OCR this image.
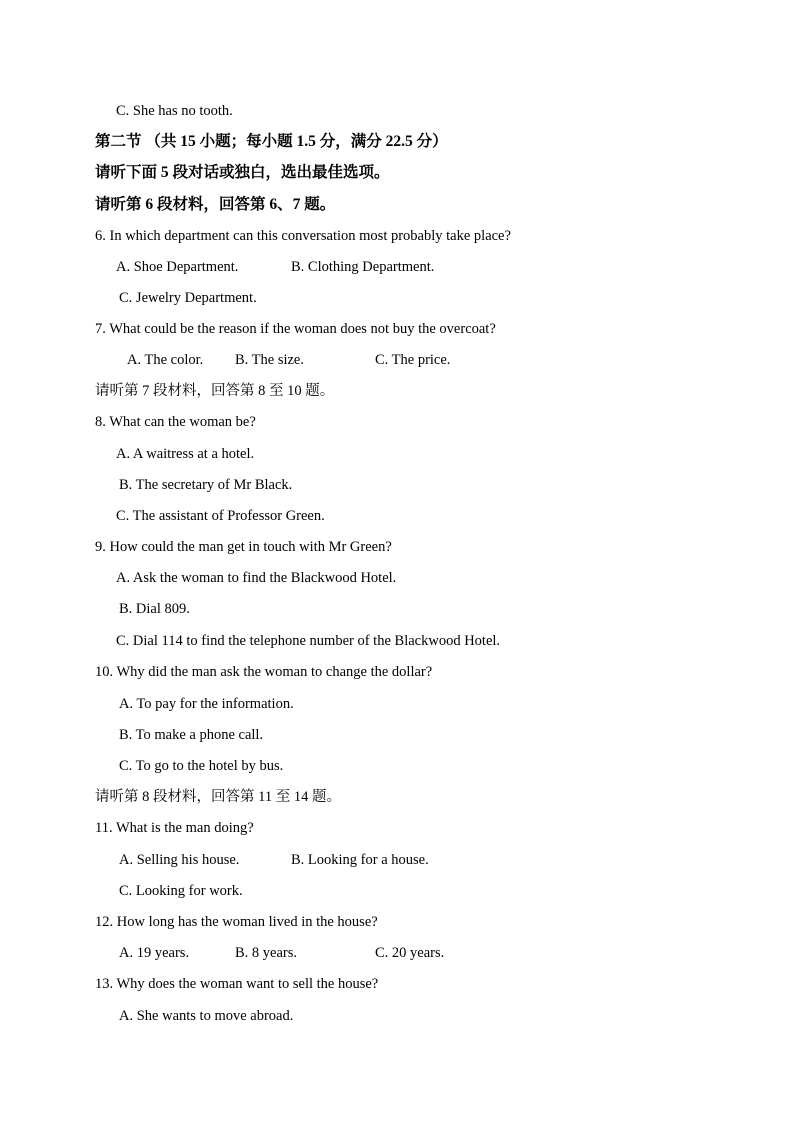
C. She has no tooth.
第二节 （共 15 小题；每小题 1.5 分，满分 22.5 分）
请听下面 5 段对话或独白，选出最佳选项。
请听第 6 段材料，回答第 6、7 题。
6. In which department can this conversation most probably take place?
A. Shoe Department.	B. Clothing Department.
C. Jewelry Department.
7. What could be the reason if the woman does not buy the overcoat?
A. The color. B. The size.	C. The price.
请听第 7 段材料，回答第 8 至 10 题。
8. What can the woman be?
A. A waitress at a hotel.
B. The secretary of Mr Black.
C. The assistant of Professor Green.
9. How could the man get in touch with Mr Green?
A. Ask the woman to find the Blackwood Hotel.
B. Dial 809.
C. Dial 114 to find the telephone number of the Blackwood Hotel.
10. Why did the man ask the woman to change the dollar?
A. To pay for the information.
B. To make a phone call.
C. To go to the hotel by bus.
请听第 8 段材料，回答第 11 至 14 题。
11. What is the man doing?
A. Selling his house.	B. Looking for a house.
C. Looking for work.
12. How long has the woman lived in the house?
A. 19 years.	B. 8 years.	C. 20 years.
13. Why does the woman want to sell the house?
A. She wants to move abroad.
